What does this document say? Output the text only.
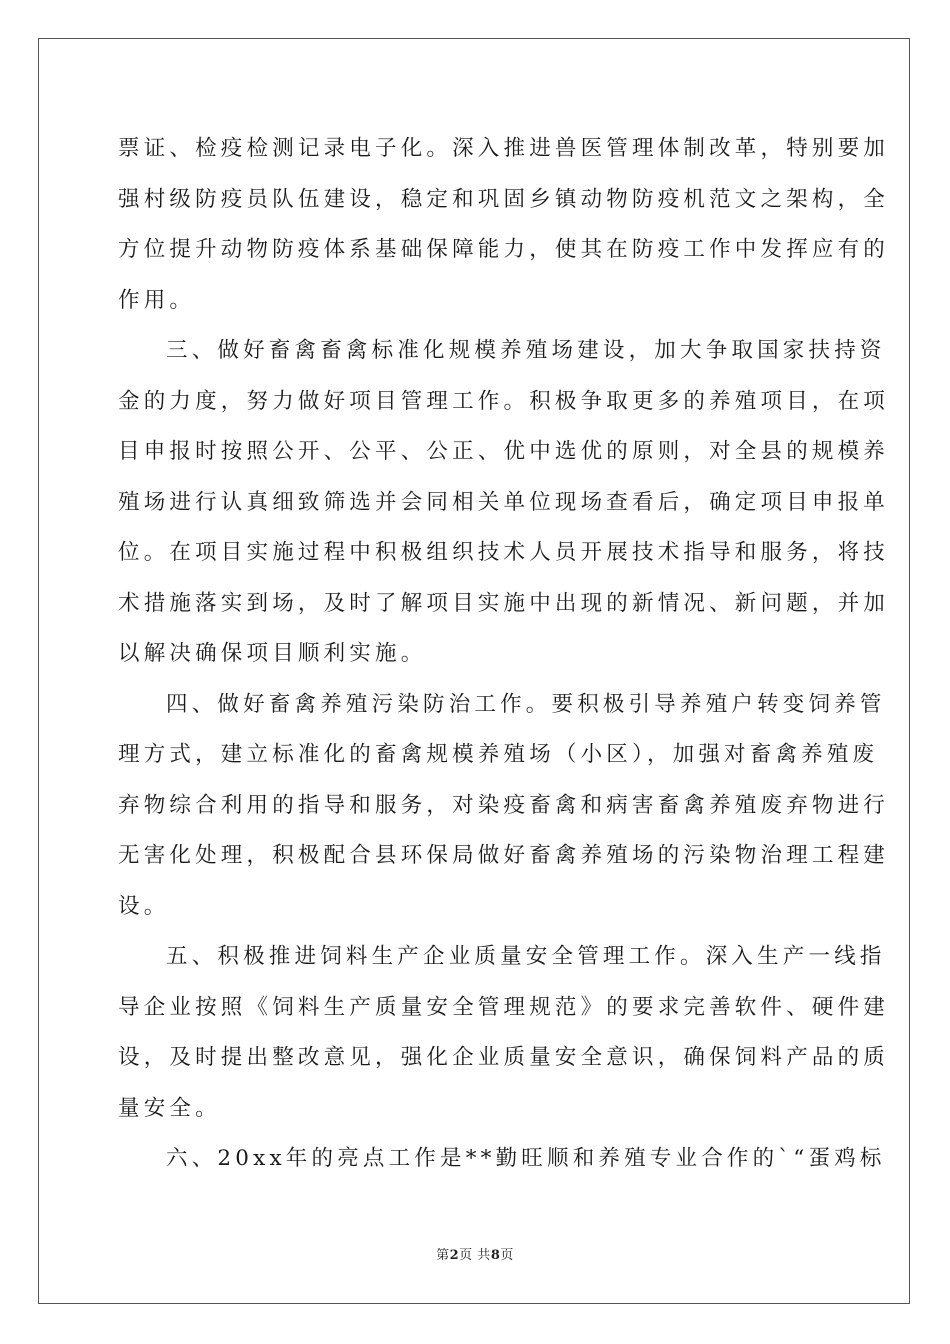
票证、检疫检测记录电子化。深入推进兽医管理体制改革，特别要加
强村级防疫员队伍建设，稳定和巩固乡镇动物防疫机范文之架构，全
方位提升动物防疫体系基础保障能力，使其在防疫工作中发挥应有的
作用。
三、做好畜禽畜禽标准化规模养殖场建设，加大争取国家扶持资
金的力度，努力做好项目管理工作。积极争取更多的养殖项目，在项
目申报时按照公开、公平、公正、优中选优的原则，对全县的规模养
殖场进行认真细致筛选并会同相关单位现场查看后，确定项目申报单
位。在项目实施过程中积极组织技术人员开展技术指导和服务，将技
术措施落实到场，及时了解项目实施中出现的新情况、新问题，并加
以解决确保项目顺利实施。
四、做好畜禽养殖污染防治工作。要积极引导养殖户转变饲养管
理方式，建立标准化的畜禽规模养殖场（小区），加强对畜禽养殖废
弃物综合利用的指导和服务，对染疫畜禽和病害畜禽养殖废弃物进行
无害化处理，积极配合县环保局做好畜禽养殖场的污染物治理工程建
设。
五、积极推进饲料生产企业质量安全管理工作。深入生产一线指
导企业按照《饲料生产质量安全管理规范》的要求完善软件、硬件建
设，及时提出整改意见，强化企业质量安全意识，确保饲料产品的质
量安全。
六、20xx年的亮点工作是**勤旺顺和养殖专业合作的`“蛋鸡标
第2页 共8页
